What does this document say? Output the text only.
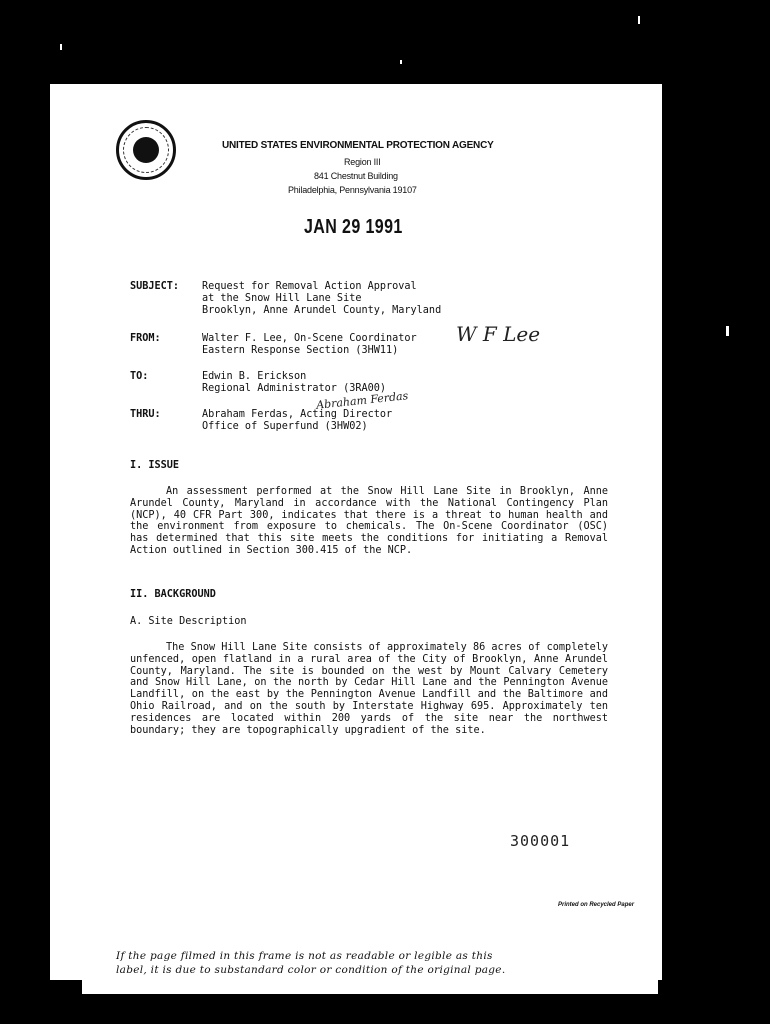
UNITED STATES ENVIRONMENTAL PROTECTION AGENCY
Region III
841 Chestnut Building
Philadelphia, Pennsylvania 19107
JAN 29 1991
SUBJECT: Request for Removal Action Approval
at the Snow Hill Lane Site
Brooklyn, Anne Arundel County, Maryland
FROM:	Walter F. Lee, On-Scene Coordinator
Eastern Response Section (3HW11)
W F Lee
TO:	Edwin B. Erickson
Regional Administrator (3RA00)
THRU:	Abraham Ferdas, Acting Director
Office of Superfund (3HW02)
Abraham Ferdas
I. ISSUE

An assessment performed at the Snow Hill Lane Site in Brooklyn, Anne Arundel County, Maryland in accordance with the National Contingency Plan (NCP), 40 CFR Part 300, indicates that there is a threat to human health and the environment from exposure to chemicals. The On-Scene Coordinator (OSC) has determined that this site meets the conditions for initiating a Removal Action outlined in Section 300.415 of the NCP.

II. BACKGROUND
A. Site Description

The Snow Hill Lane Site consists of approximately 86 acres of completely unfenced, open flatland in a rural area of the City of Brooklyn, Anne Arundel County, Maryland. The site is bounded on the west by Mount Calvary Cemetery and Snow Hill Lane, on the north by Cedar Hill Lane and the Pennington Avenue Landfill, on the east by the Pennington Avenue Landfill and the Baltimore and Ohio Railroad, and on the south by Interstate Highway 695. Approximately ten residences are located within 200 yards of the site near the northwest boundary; they are topographically upgradient of the site.

300001
Printed on Recycled Paper
If the page filmed in this frame is not as readable or legible as this
label, it is due to substandard color or condition of the original page.
